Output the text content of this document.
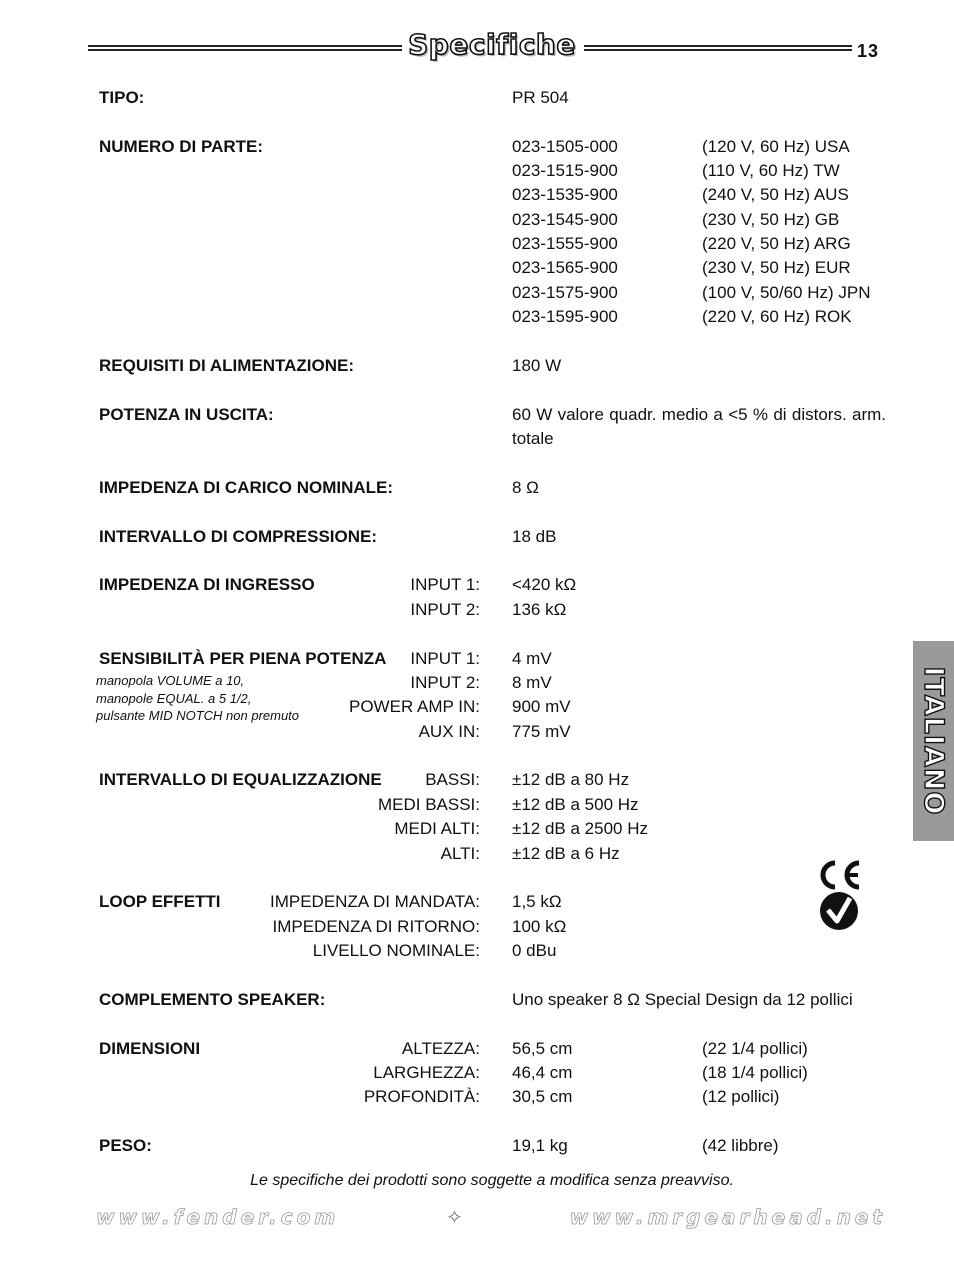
Specifiche	13
ITALIANO
TIPO:	PR 504
NUMERO DI PARTE:	023-1505-000	(120 V, 60 Hz) USA
023-1515-900	(110 V, 60 Hz) TW
023-1535-900	(240 V, 50 Hz) AUS
023-1545-900	(230 V, 50 Hz) GB
023-1555-900	(220 V, 50 Hz) ARG
023-1565-900	(230 V, 50 Hz) EUR
023-1575-900	(100 V, 50/60 Hz) JPN
023-1595-900	(220 V, 60 Hz) ROK
REQUISITI DI ALIMENTAZIONE:	180 W
POTENZA IN USCITA:	60 W valore quadr. medio a <5 % di distors. arm. totale
IMPEDENZA DI CARICO NOMINALE:	8 Ω
INTERVALLO DI COMPRESSIONE:	18 dB
IMPEDENZA DI INGRESSO	INPUT 1: <420 kΩ
INPUT 2: 136 kΩ
SENSIBILITÀ PER PIENA POTENZA INPUT 1: 4 mV
manopola VOLUME a 10,
manopole EQUAL. a 5 1/2,
pulsante MID NOTCH non premuto
INPUT 2: 8 mV
POWER AMP IN: 900 mV
AUX IN: 775 mV
INTERVALLO DI EQUALIZZAZIONE	BASSI: ±12 dB a 80 Hz
MEDI BASSI: ±12 dB a 500 Hz
MEDI ALTI: ±12 dB a 2500 Hz
ALTI: ±12 dB a 6 Hz
LOOP EFFETTI	IMPEDENZA DI MANDATA: 1,5 kΩ
IMPEDENZA DI RITORNO: 100 kΩ
LIVELLO NOMINALE: 0 dBu
COMPLEMENTO SPEAKER:	Uno speaker 8 Ω Special Design da 12 pollici
DIMENSIONI	ALTEZZA: 56,5 cm	(22 1/4 pollici)
LARGHEZZA: 46,4 cm	(18 1/4 pollici)
PROFONDITÀ: 30,5 cm	(12 pollici)
PESO:	19,1 kg	(42 libbre)
Le specifiche dei prodotti sono soggette a modifica senza preavviso.
www.fender.com	✧	www.mrgearhead.net
